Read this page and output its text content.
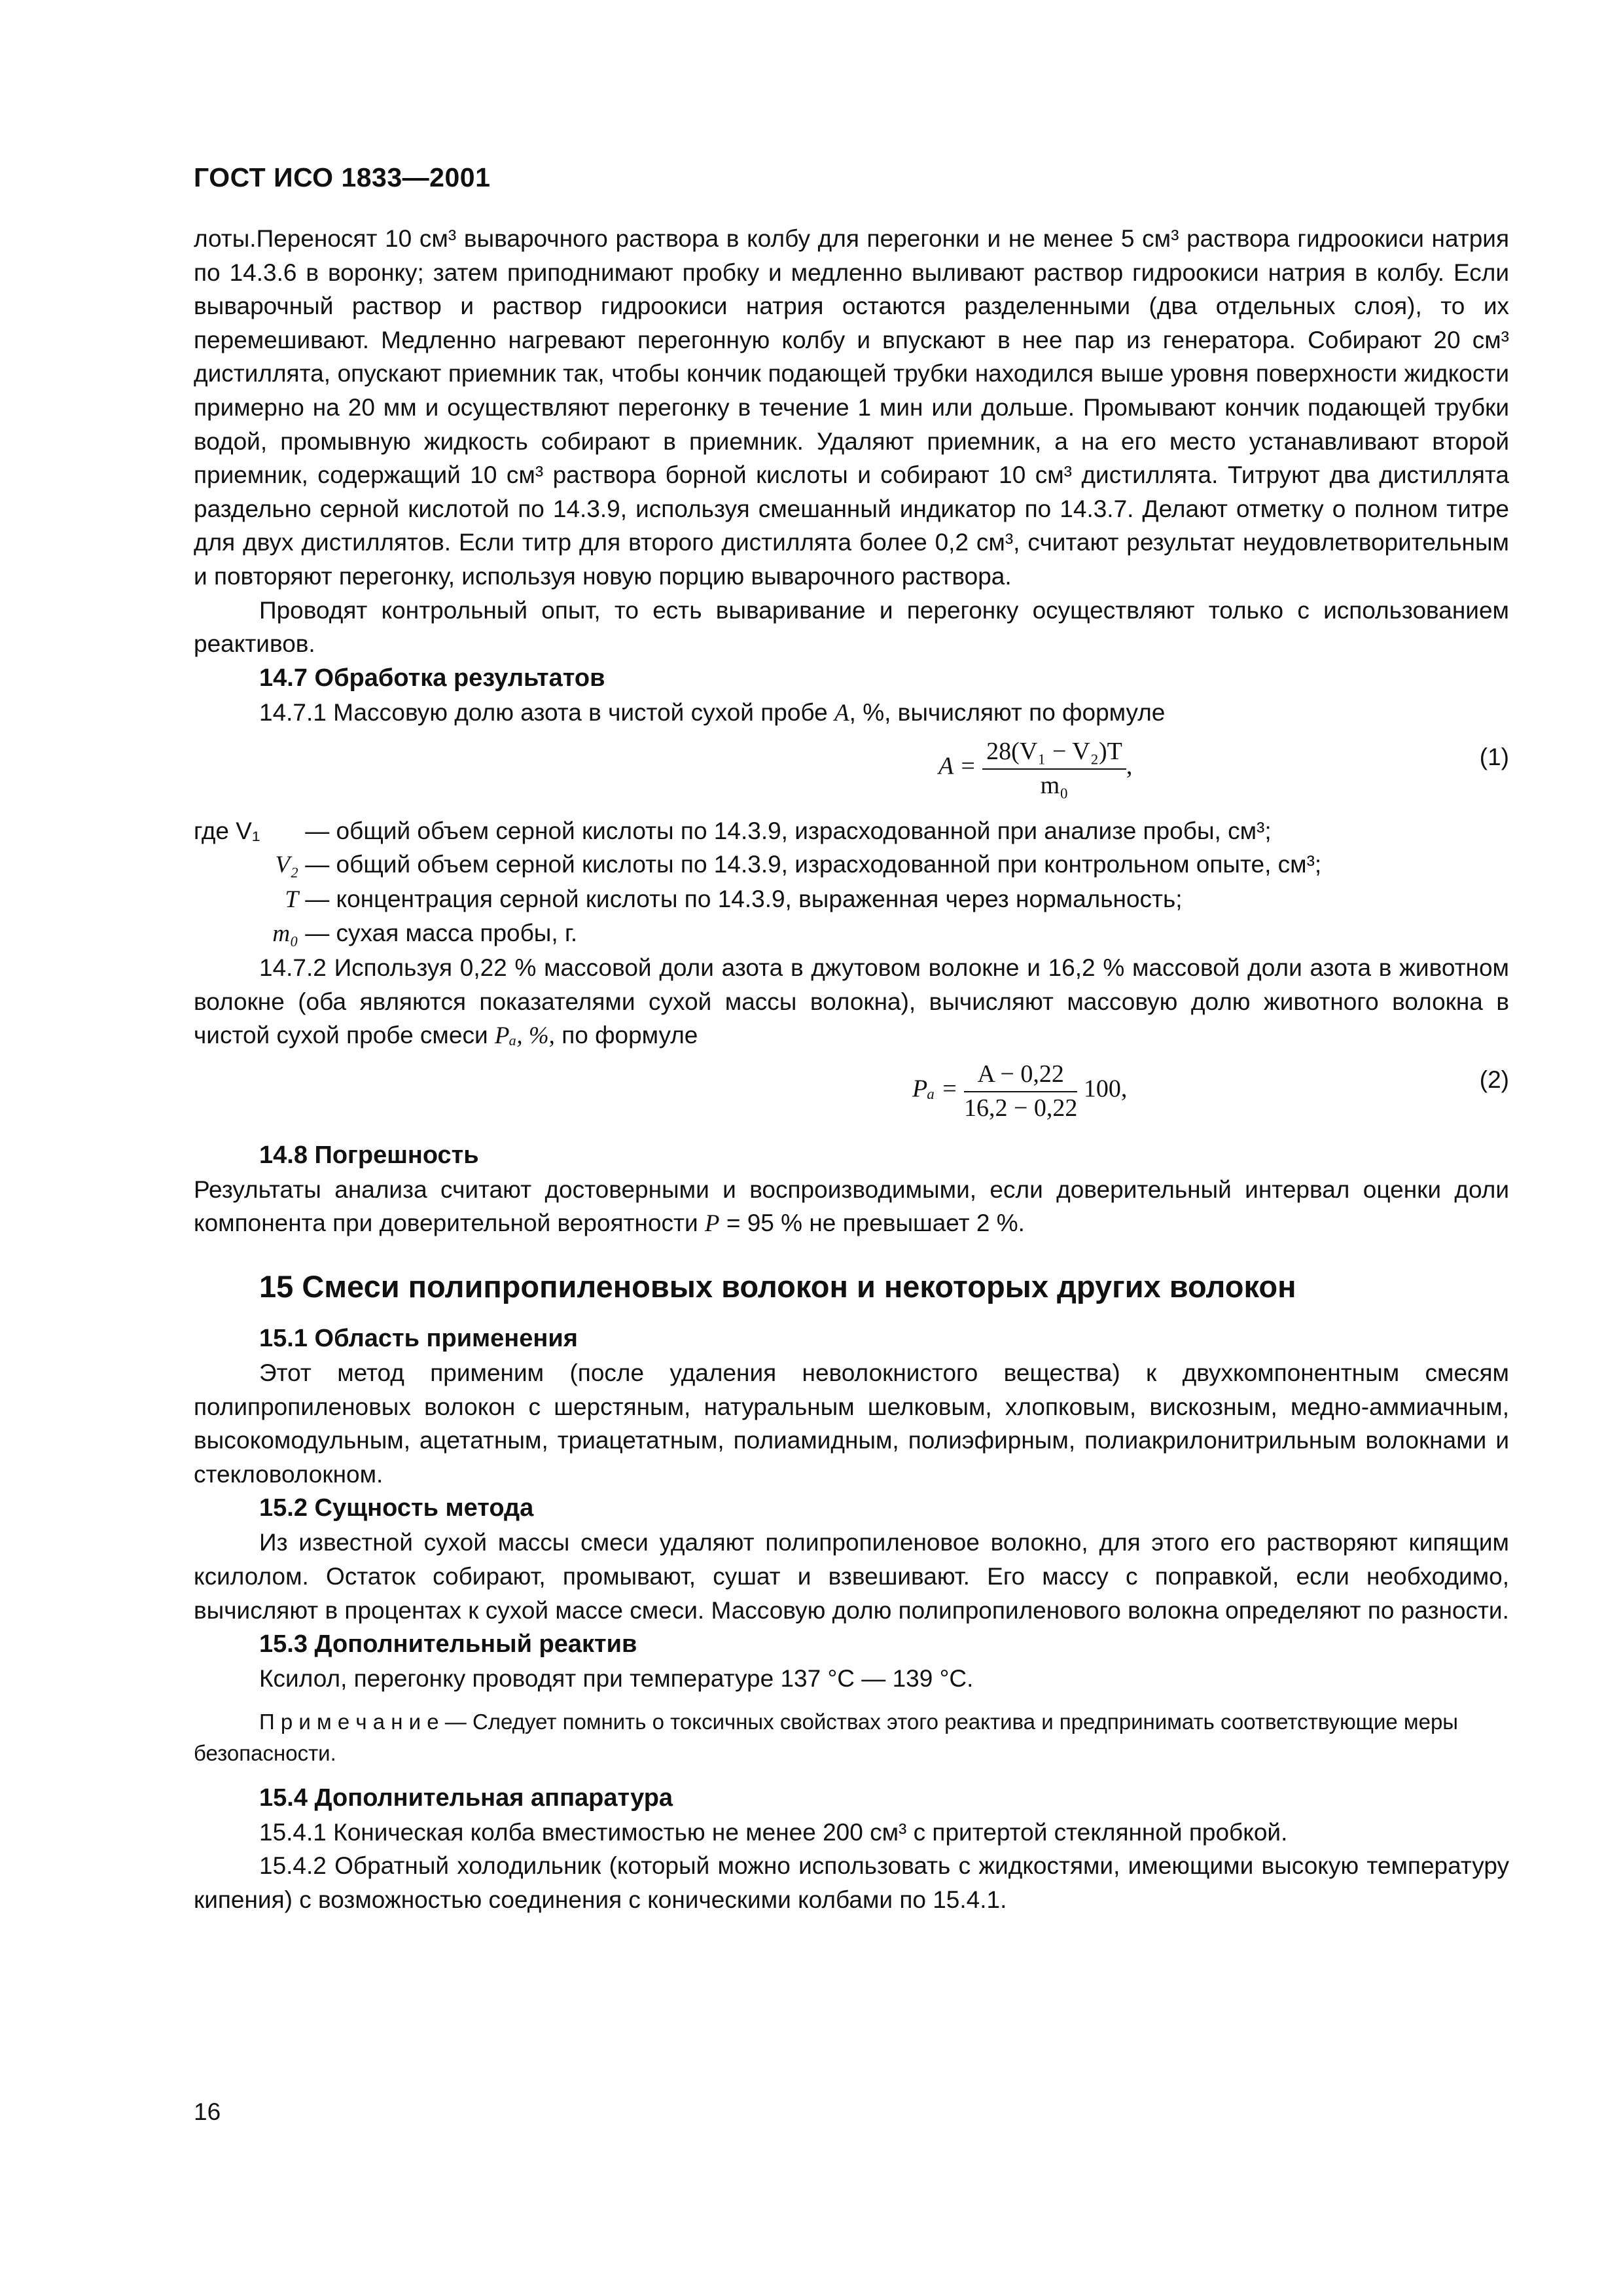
ГОСТ ИСО 1833—2001

лоты.Переносят 10 см³ выварочного раствора в колбу для перегонки и не менее 5 см³ раствора гидроокиси натрия по 14.3.6 в воронку; затем приподнимают пробку и медленно выливают раствор гидроокиси натрия в колбу. Если выварочный раствор и раствор гидроокиси натрия остаются разделенными (два отдельных слоя), то их перемешивают. Медленно нагревают перегонную колбу и впускают в нее пар из генератора. Собирают 20 см³ дистиллята, опускают приемник так, чтобы кончик подающей трубки находился выше уровня поверхности жидкости примерно на 20 мм и осуществляют перегонку в течение 1 мин или дольше. Промывают кончик подающей трубки водой, промывную жидкость собирают в приемник. Удаляют приемник, а на его место устанавливают второй приемник, содержащий 10 см³ раствора борной кислоты и собирают 10 см³ дистиллята. Титруют два дистиллята раздельно серной кислотой по 14.3.9, используя смешанный индикатор по 14.3.7. Делают отметку о полном титре для двух дистиллятов. Если титр для второго дистиллята более 0,2 см³, считают результат неудовлетворительным и повторяют перегонку, используя новую порцию выварочного раствора.

Проводят контрольный опыт, то есть вываривание и перегонку осуществляют только с использованием реактивов.

14.7 Обработка результатов

14.7.1 Массовую долю азота в чистой сухой пробе A, %, вычисляют по формуле

$A = \frac{\text{28(V₁ − V₂)T}}{\text{m₀}}$ ,	(1)
где V₁ — общий объем серной кислоты по 14.3.9, израсходованной при анализе пробы, см³;
V₂ — общий объем серной кислоты по 14.3.9, израсходованной при контрольном опыте, см³;
T — концентрация серной кислоты по 14.3.9, выраженная через нормальность;
m₀ — сухая масса пробы, г.

14.7.2 Используя 0,22 % массовой доли азота в джутовом волокне и 16,2 % массовой доли азота в животном волокне (оба являются показателями сухой массы волокна), вычисляют массовую долю животного волокна в чистой сухой пробе смеси Pₐ, %, по формуле

$P_a = \frac{A - 0,22}{16,2 - 0,22} 100$,	(2)
14.8 Погрешность

Результаты анализа считают достоверными и воспроизводимыми, если доверительный интервал оценки доли компонента при доверительной вероятности P = 95 % не превышает 2 %.

15 Смеси полипропиленовых волокон и некоторых других волокон
15.1 Область применения

Этот метод применим (после удаления неволокнистого вещества) к двухкомпонентным смесям полипропиленовых волокон с шерстяным, натуральным шелковым, хлопковым, вискозным, медно-аммиачным, высокомодульным, ацетатным, триацетатным, полиамидным, полиэфирным, полиакрилонитрильным волокнами и стекловолокном.

15.2 Сущность метода

Из известной сухой массы смеси удаляют полипропиленовое волокно, для этого его растворяют кипящим ксилолом. Остаток собирают, промывают, сушат и взвешивают. Его массу с поправкой, если необходимо, вычисляют в процентах к сухой массе смеси. Массовую долю полипропиленового волокна определяют по разности.

15.3 Дополнительный реактив

Ксилол, перегонку проводят при температуре 137 °С — 139 °С.

П р и м е ч а н и е — Следует помнить о токсичных свойствах этого реактива и предпринимать соответствующие меры безопасности.
15.4 Дополнительная аппаратура

15.4.1 Коническая колба вместимостью не менее 200 см³ с притертой стеклянной пробкой.

15.4.2 Обратный холодильник (который можно использовать с жидкостями, имеющими высокую температуру кипения) с возможностью соединения с коническими колбами по 15.4.1.

16
